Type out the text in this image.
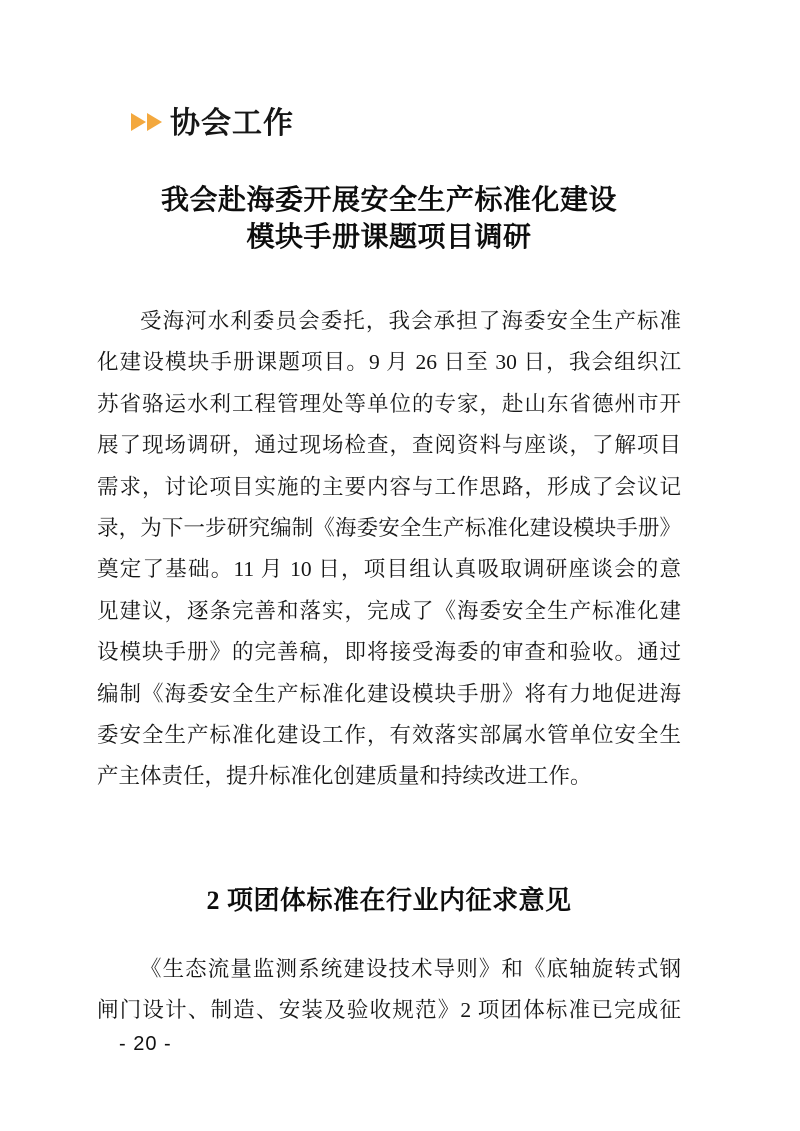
协会工作
我会赴海委开展安全生产标准化建设
模块手册课题项目调研
受海河水利委员会委托，我会承担了海委安全生产标准
化建设模块手册课题项目。9 月 26 日至 30 日，我会组织江
苏省骆运水利工程管理处等单位的专家，赴山东省德州市开
展了现场调研，通过现场检查，查阅资料与座谈，了解项目
需求，讨论项目实施的主要内容与工作思路，形成了会议记
录，为下一步研究编制《海委安全生产标准化建设模块手册》
奠定了基础。11 月 10 日，项目组认真吸取调研座谈会的意
见建议，逐条完善和落实，完成了《海委安全生产标准化建
设模块手册》的完善稿，即将接受海委的审查和验收。通过
编制《海委安全生产标准化建设模块手册》将有力地促进海
委安全生产标准化建设工作，有效落实部属水管单位安全生
产主体责任，提升标准化创建质量和持续改进工作。
2 项团体标准在行业内征求意见
《生态流量监测系统建设技术导则》和《底轴旋转式钢
闸门设计、制造、安装及验收规范》2 项团体标准已完成征
- 20 -
